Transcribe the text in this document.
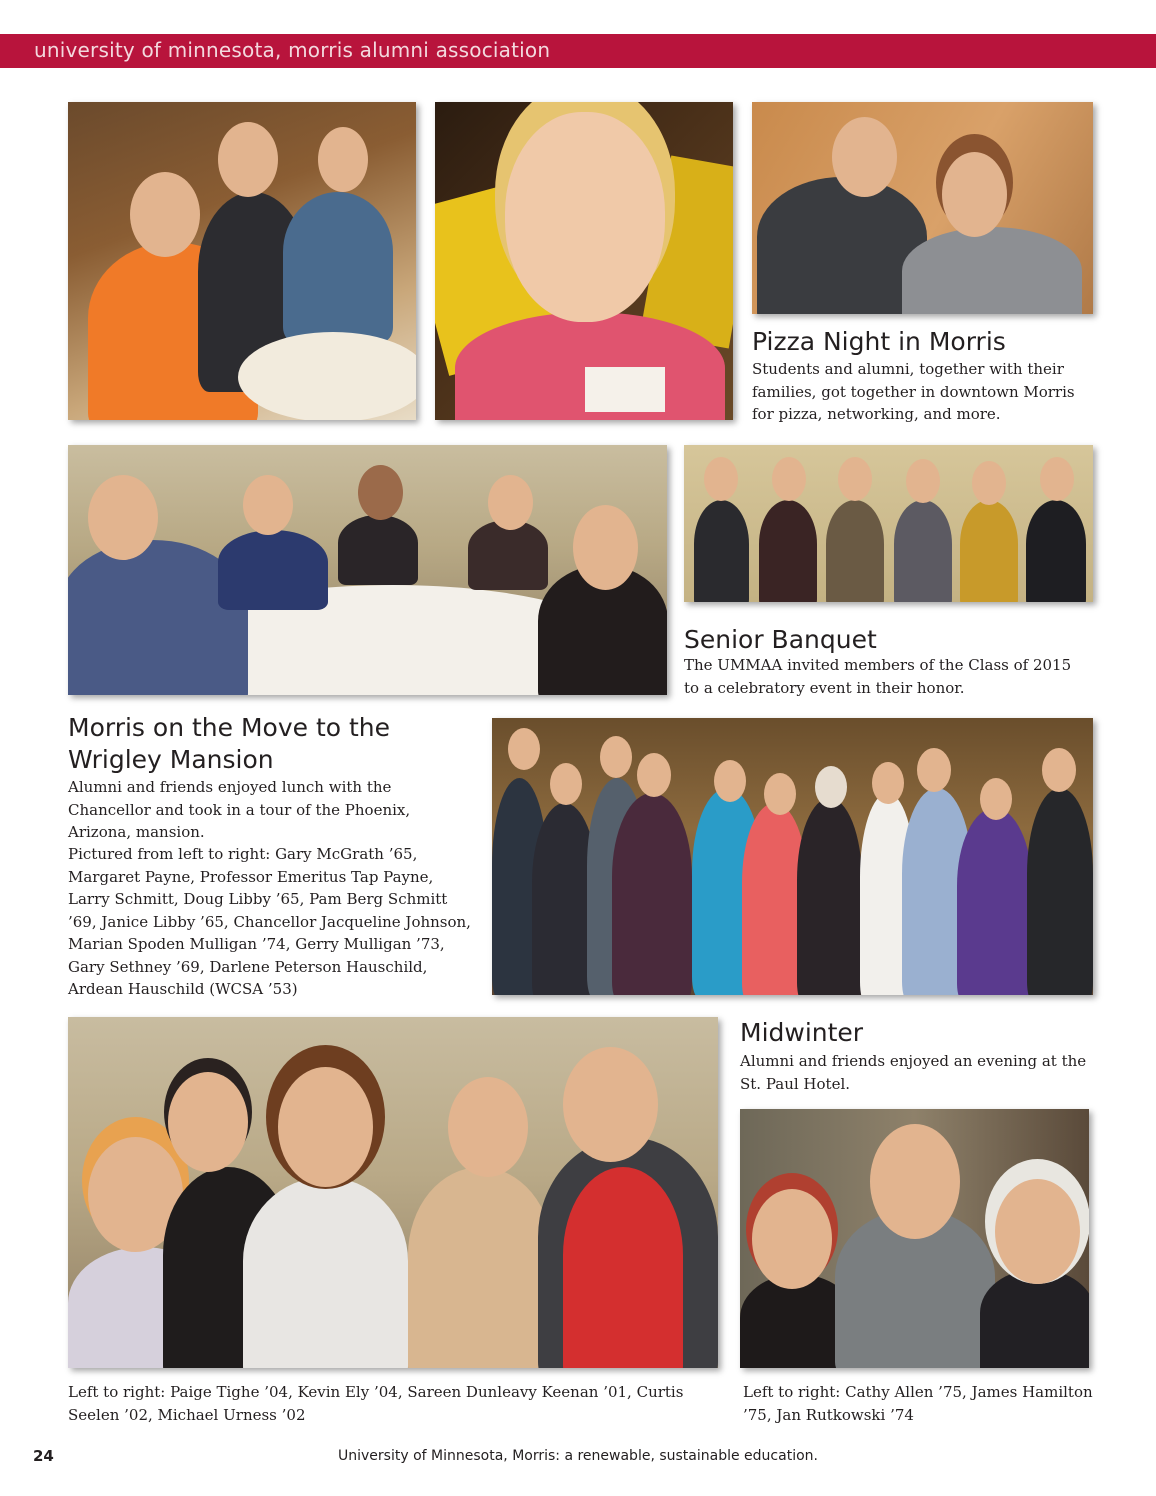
university of minnesota, morris alumni association
Pizza Night in Morris

Students and alumni, together with their families, got together in downtown Morris for pizza, networking, and more.

Senior Banquet

The UMMAA invited members of the Class of 2015 to a celebratory event in their honor.

Morris on the Move to the
Wrigley Mansion

Alumni and friends enjoyed lunch with the Chancellor and took in a tour of the Phoenix, Arizona, mansion.

Pictured from left to right: Gary McGrath ’65, Margaret Payne, Professor Emeritus Tap Payne, Larry Schmitt, Doug Libby ’65, Pam Berg Schmitt ’69, Janice Libby ’65, Chancellor Jacqueline Johnson, Marian Spoden Mulligan ’74, Gerry Mulligan ’73, Gary Sethney ’69, Darlene Peterson Hauschild, Ardean Hauschild (WCSA ’53)

Midwinter

Alumni and friends enjoyed an evening at the St. Paul Hotel.

Left to right: Paige Tighe ’04, Kevin Ely ’04, Sareen Dunleavy Keenan ’01, Curtis Seelen ’02, Michael Urness ’02

Left to right: Cathy Allen ’75, James Hamilton ’75, Jan Rutkowski ’74

24	University of Minnesota, Morris: a renewable, sustainable education.
